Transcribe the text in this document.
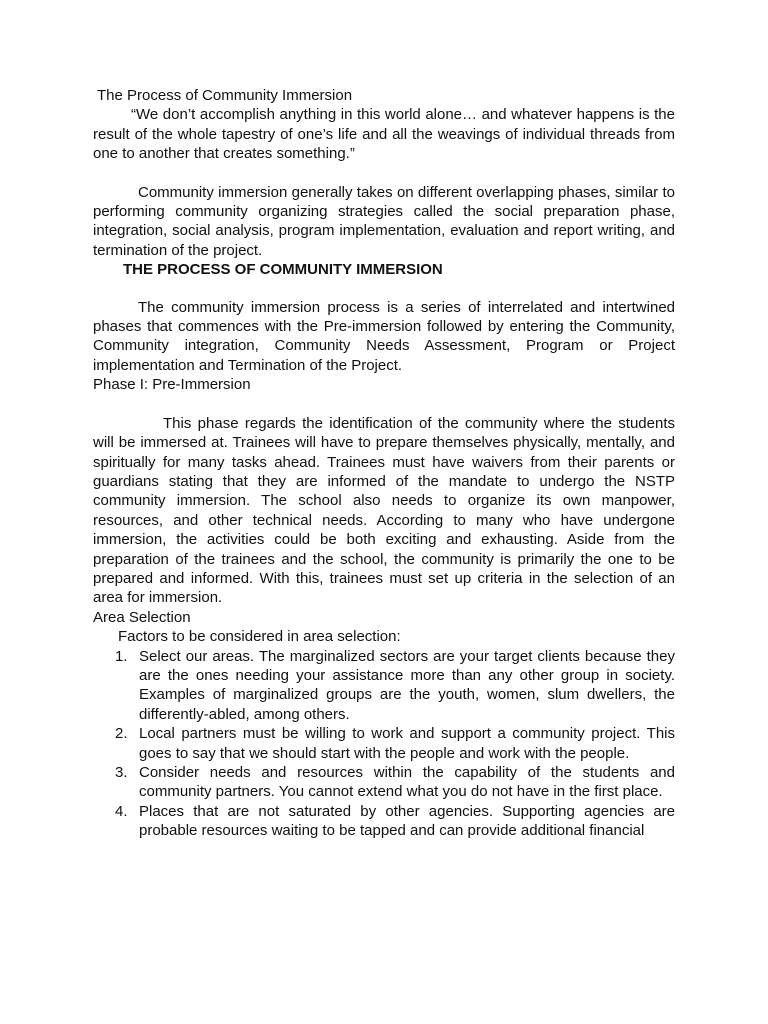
The Process of Community Immersion

“We don’t accomplish anything in this world alone… and whatever happens is the result of the whole tapestry of one’s life and all the weavings of individual threads from one to another that creates something.”

Community immersion generally takes on different overlapping phases, similar to performing community organizing strategies called the social preparation phase, integration, social analysis, program implementation, evaluation and report writing, and termination of the project.

THE PROCESS OF COMMUNITY IMMERSION

The community immersion process is a series of interrelated and intertwined phases that commences with the Pre-immersion followed by entering the Community, Community integration, Community Needs Assessment, Program or Project implementation and Termination of the Project.

Phase I: Pre-Immersion

This phase regards the identification of the community where the students will be immersed at. Trainees will have to prepare themselves physically, mentally, and spiritually for many tasks ahead. Trainees must have waivers from their parents or guardians stating that they are informed of the mandate to undergo the NSTP community immersion. The school also needs to organize its own manpower, resources, and other technical needs. According to many who have undergone immersion, the activities could be both exciting and exhausting. Aside from the preparation of the trainees and the school, the community is primarily the one to be prepared and informed. With this, trainees must set up criteria in the selection of an area for immersion.

Area Selection

Factors to be considered in area selection:

1. Select our areas. The marginalized sectors are your target clients because they are the ones needing your assistance more than any other group in society. Examples of marginalized groups are the youth, women, slum dwellers, the differently-abled, among others.
2. Local partners must be willing to work and support a community project. This goes to say that we should start with the people and work with the people.
3. Consider needs and resources within the capability of the students and community partners. You cannot extend what you do not have in the first place.
4. Places that are not saturated by other agencies. Supporting agencies are probable resources waiting to be tapped and can provide additional financial
